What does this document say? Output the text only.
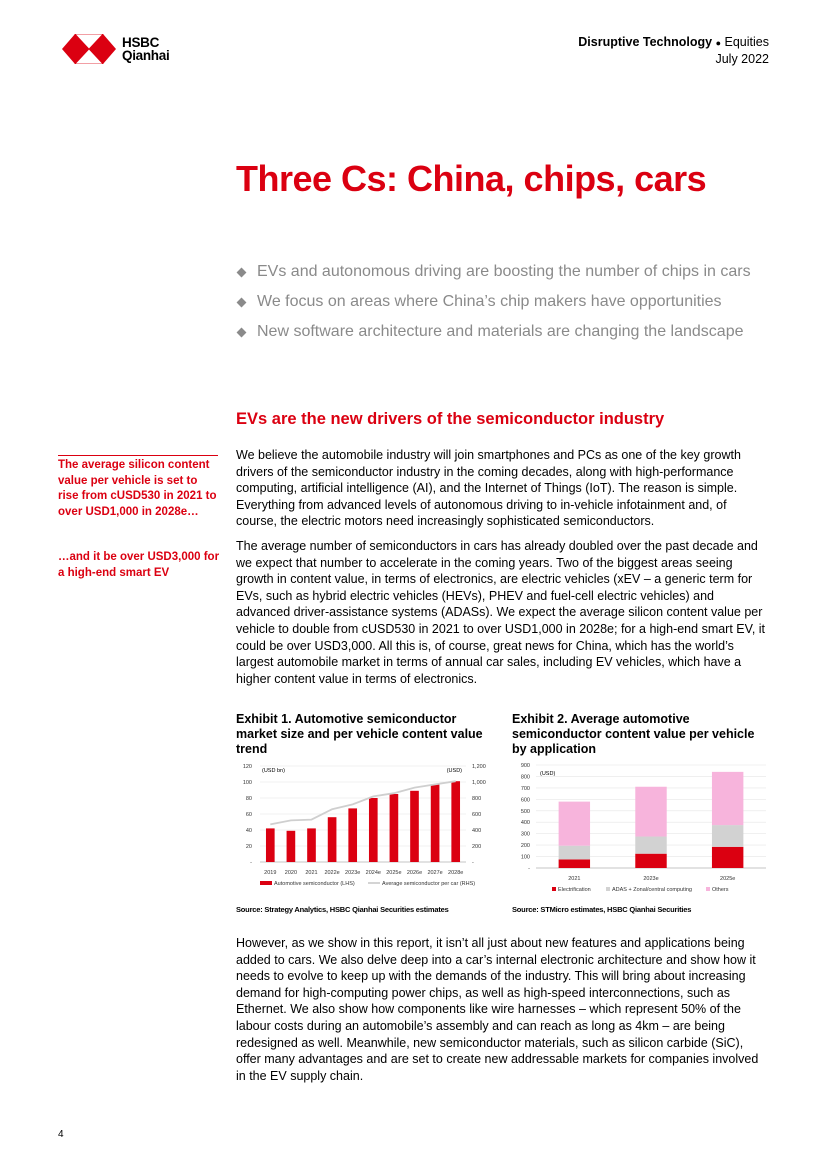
HSBC
Qianhai
Disruptive Technology ● Equities
July 2022
Three Cs: China, chips, cars
EVs and autonomous driving are boosting the number of chips in cars
We focus on areas where China’s chip makers have opportunities
New software architecture and materials are changing the landscape
EVs are the new drivers of the semiconductor industry
The average silicon content value per vehicle is set to rise from cUSD530 in 2021 to over USD1,000 in 2028e…
…and it be over USD3,000 for a high-end smart EV

We believe the automobile industry will join smartphones and PCs as one of the key growth drivers of the semiconductor industry in the coming decades, along with high-performance computing, artificial intelligence (AI), and the Internet of Things (IoT). The reason is simple. Everything from advanced levels of autonomous driving to in-vehicle infotainment and, of course, the electric motors need increasingly sophisticated semiconductors.

The average number of semiconductors in cars has already doubled over the past decade and we expect that number to accelerate in the coming years. Two of the biggest areas seeing growth in content value, in terms of electronics, are electric vehicles (xEV – a generic term for EVs, such as hybrid electric vehicles (HEVs), PHEV and fuel-cell electric vehicles) and advanced driver-assistance systems (ADASs). We expect the average silicon content value per vehicle to double from cUSD530 in 2021 to over USD1,000 in 2028e; for a high-end smart EV, it could be over USD3,000. All this is, of course, great news for China, which has the world’s largest automobile market in terms of annual car sales, including EV vehicles, which have a higher content value in terms of electronics.

Exhibit 1. Automotive semiconductor market size and per vehicle content value trend
Exhibit 2. Average automotive semiconductor content value per vehicle by application
120
100
80
60
40
20
-
1,200
1,000
800
600
400
200
-
(USD bn)	(USD)
2019 2020 2021 2022e 2023e 2024e 2025e 2026e 2027e 2028e
Automotive semiconductor (LHS)	Average semiconductor per car (RHS)
900
800
700
600
500
400
300
200
100
-
(USD)
2021	2023e	2025e
Electrification	ADAS + Zonal/central computing	Others
Source: Strategy Analytics, HSBC Qianhai Securities estimates	Source: STMicro estimates, HSBC Qianhai Securities

However, as we show in this report, it isn’t all just about new features and applications being added to cars. We also delve deep into a car’s internal electronic architecture and show how it needs to evolve to keep up with the demands of the industry. This will bring about increasing demand for high-computing power chips, as well as high-speed interconnections, such as Ethernet. We also show how components like wire harnesses – which represent 50% of the labour costs during an automobile’s assembly and can reach as long as 4km – are being redesigned as well. Meanwhile, new semiconductor materials, such as silicon carbide (SiC), offer many advantages and are set to create new addressable markets for companies involved in the EV supply chain.

4
